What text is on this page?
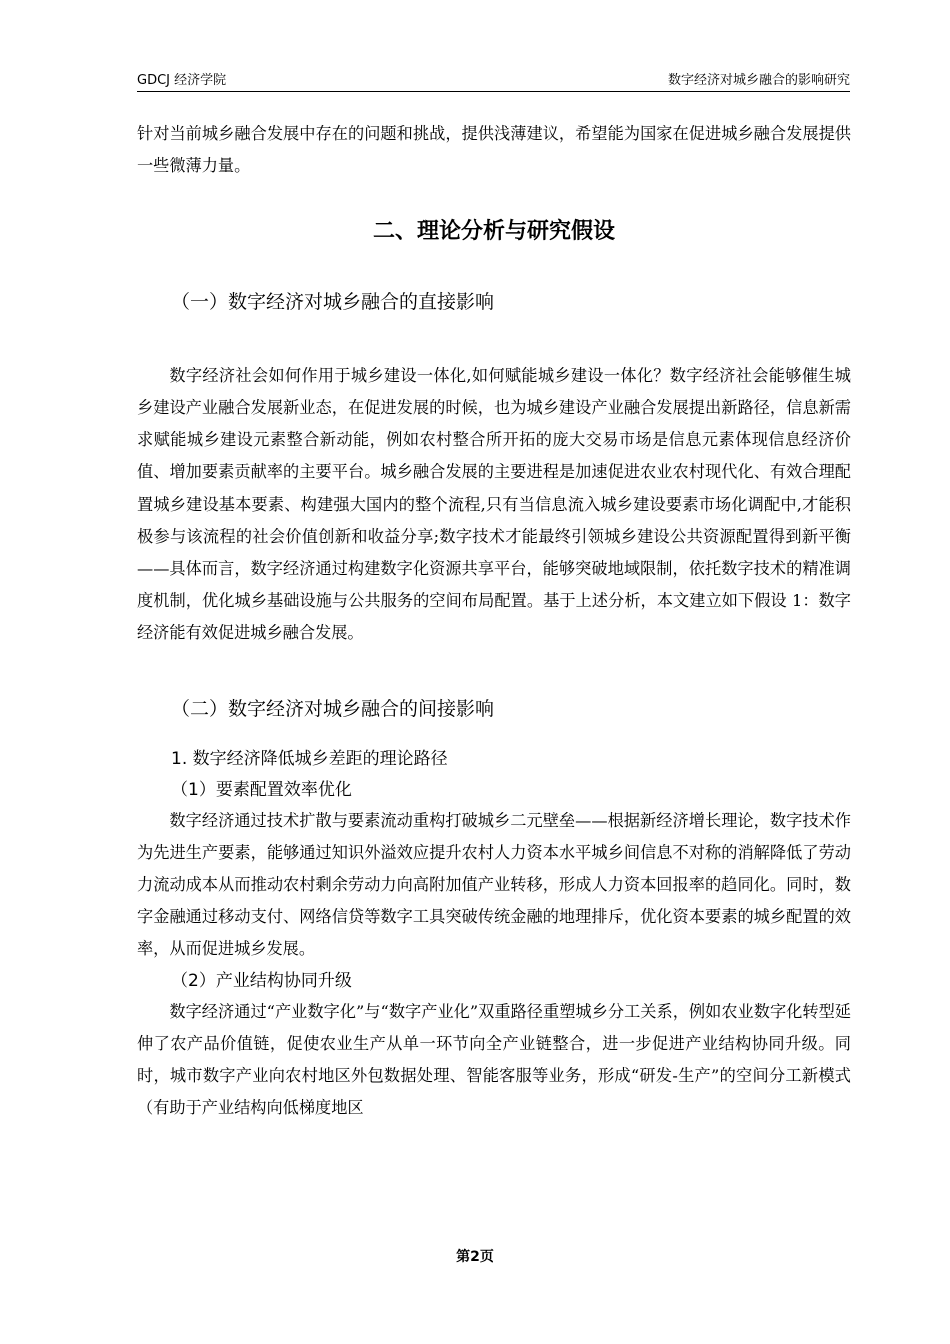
GDCJ 经济学院	数字经济对城乡融合的影响研究

针对当前城乡融合发展中存在的问题和挑战，提供浅薄建议，希望能为国家在促进城乡融合发展提供一些微薄力量。

二、理论分析与研究假设
（一）数字经济对城乡融合的直接影响

数字经济社会如何作用于城乡建设一体化,如何赋能城乡建设一体化？数字经济社会能够催生城乡建设产业融合发展新业态，在促进发展的时候，也为城乡建设产业融合发展提出新路径，信息新需求赋能城乡建设元素整合新动能，例如农村整合所开拓的庞大交易市场是信息元素体现信息经济价值、增加要素贡献率的主要平台。城乡融合发展的主要进程是加速促进农业农村现代化、有效合理配置城乡建设基本要素、构建强大国内的整个流程,只有当信息流入城乡建设要素市场化调配中,才能积极参与该流程的社会价值创新和收益分享;数字技术才能最终引领城乡建设公共资源配置得到新平衡——具体而言，数字经济通过构建数字化资源共享平台，能够突破地域限制，依托数字技术的精准调度机制，优化城乡基础设施与公共服务的空间布局配置。基于上述分析，本文建立如下假设 1：数字经济能有效促进城乡融合发展。

（二）数字经济对城乡融合的间接影响
1. 数字经济降低城乡差距的理论路径
（1）要素配置效率优化

数字经济通过技术扩散与要素流动重构打破城乡二元壁垒——根据新经济增长理论，数字技术作为先进生产要素，能够通过知识外溢效应提升农村人力资本水平城乡间信息不对称的消解降低了劳动力流动成本从而推动农村剩余劳动力向高附加值产业转移，形成人力资本回报率的趋同化。同时，数字金融通过移动支付、网络信贷等数字工具突破传统金融的地理排斥，优化资本要素的城乡配置的效率，从而促进城乡发展。

（2）产业结构协同升级

数字经济通过“产业数字化”与“数字产业化”双重路径重塑城乡分工关系，例如农业数字化转型延伸了农产品价值链，促使农业生产从单一环节向全产业链整合，进一步促进产业结构协同升级。同时，城市数字产业向农村地区外包数据处理、智能客服等业务，形成“研发-生产”的空间分工新模式（有助于产业结构向低梯度地区

第2页
